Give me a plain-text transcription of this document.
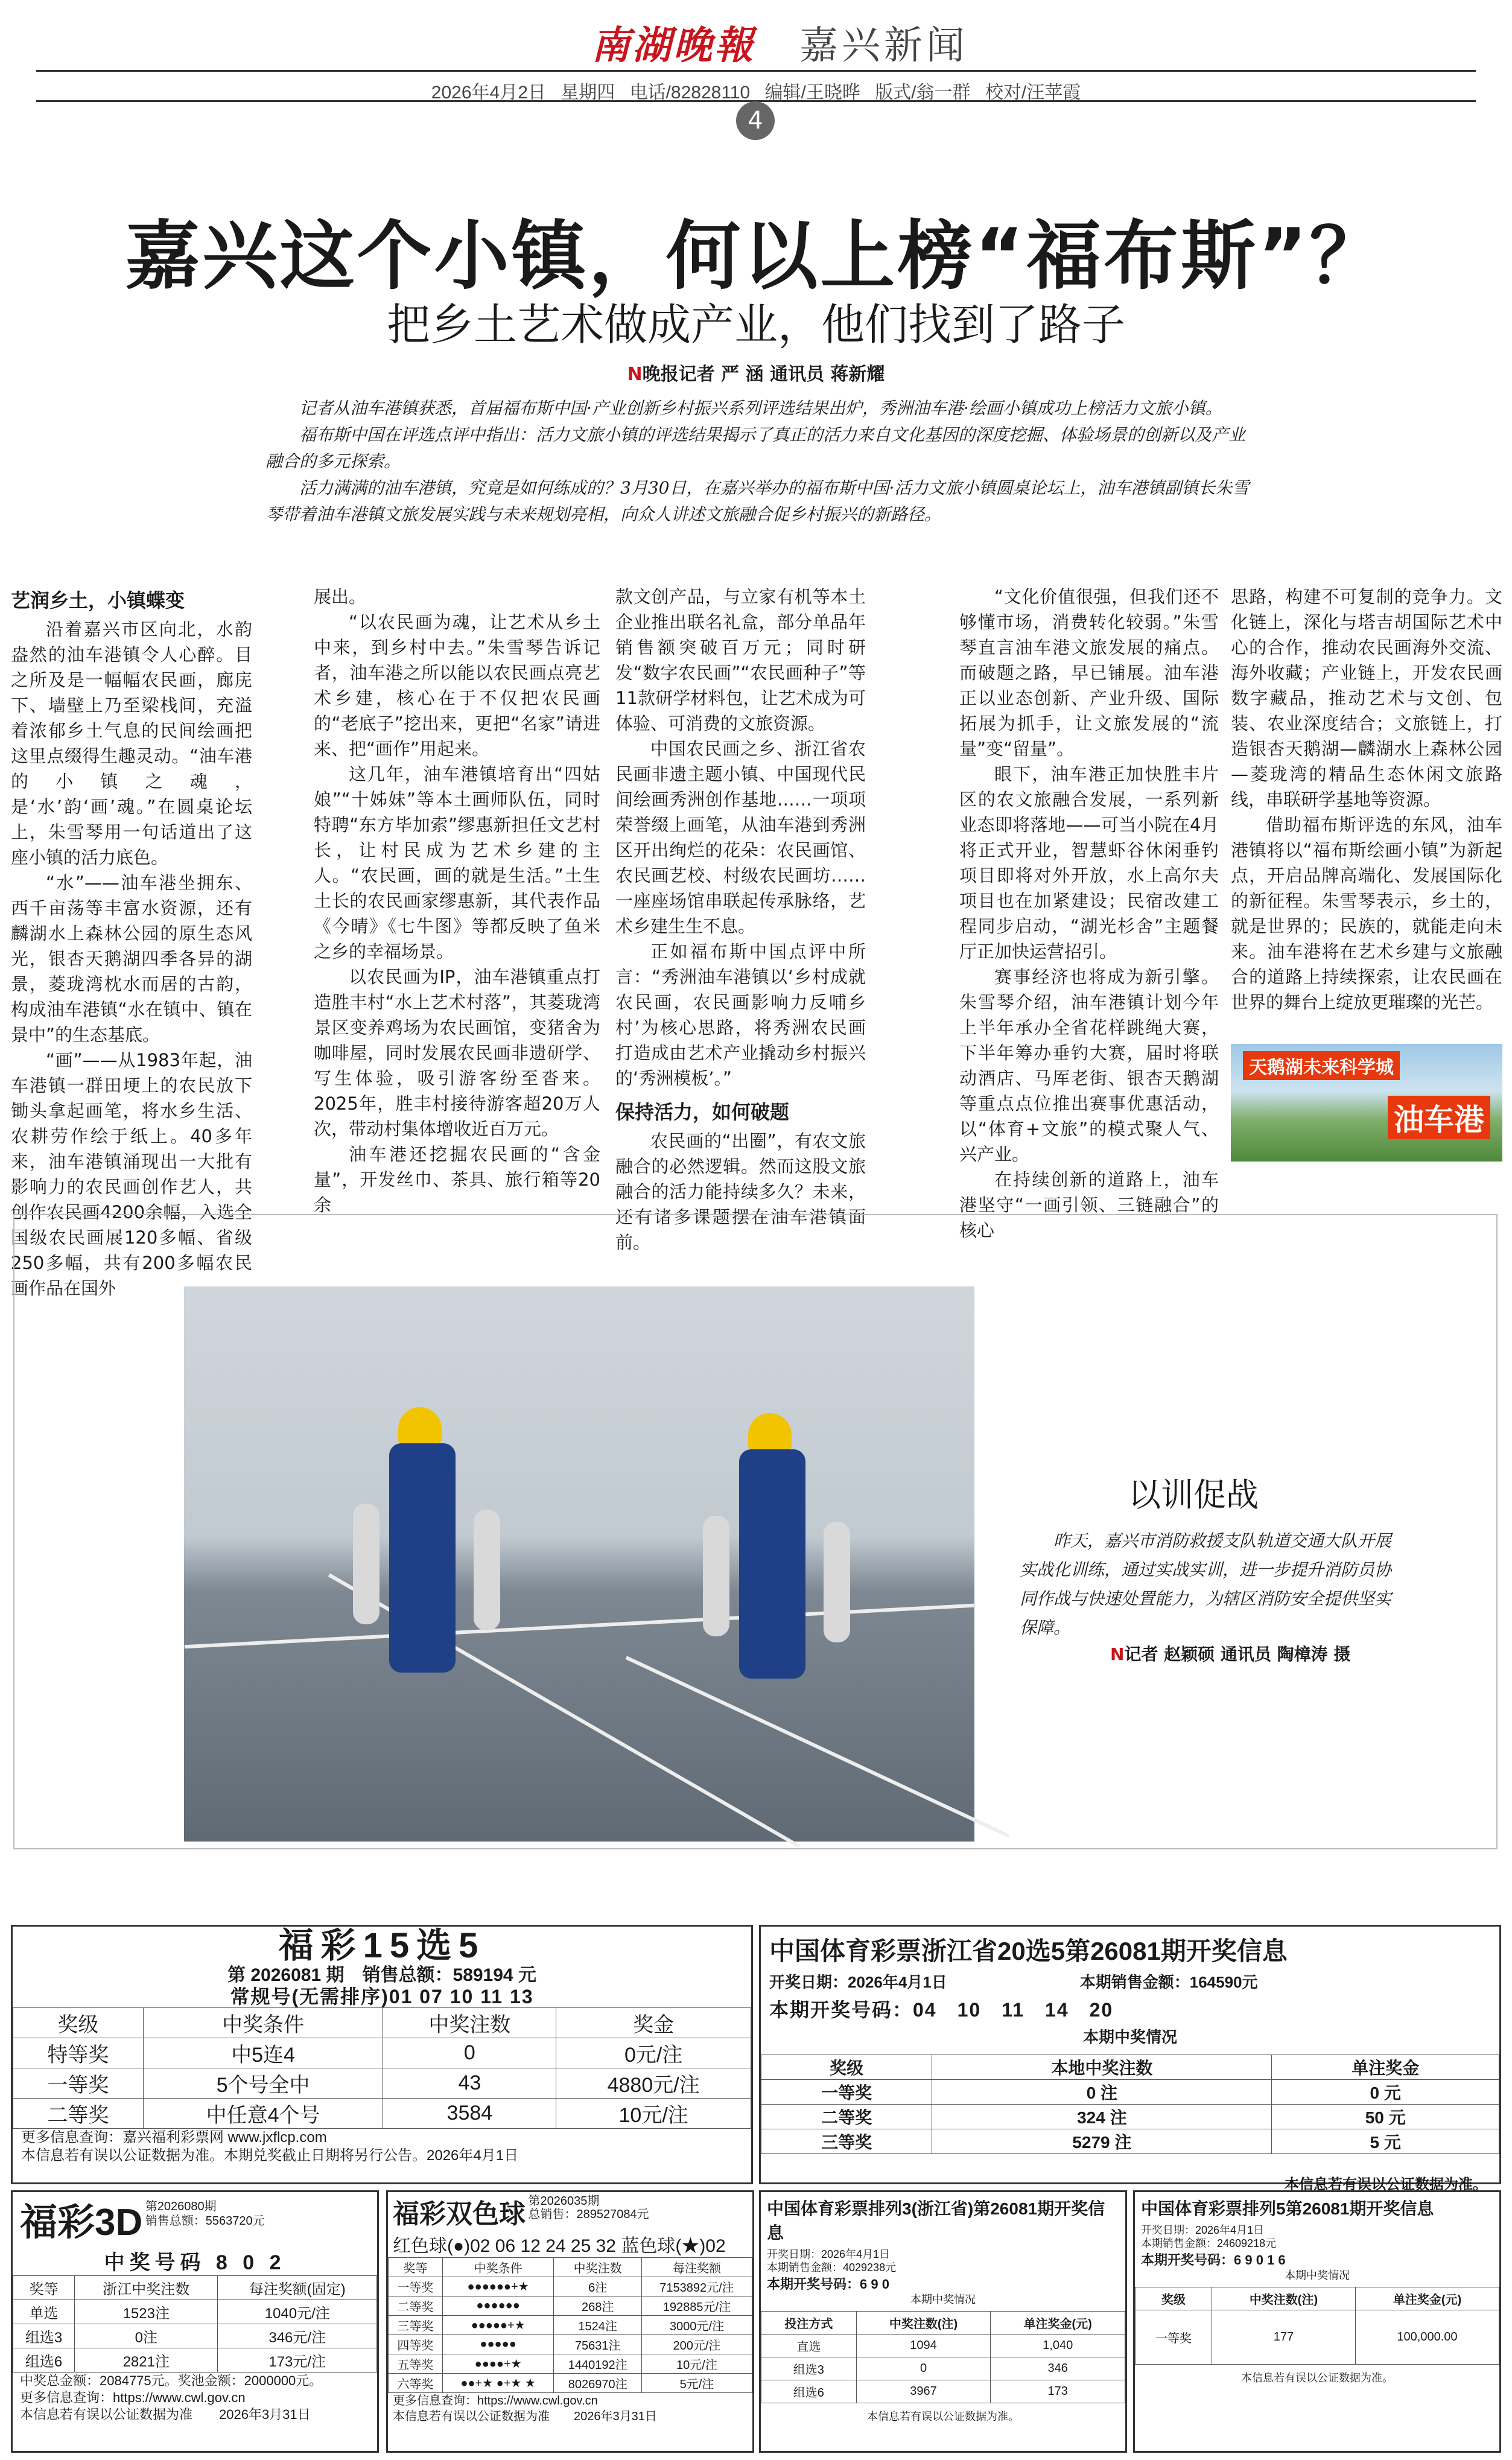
南湖晚報 嘉兴新闻
2026年4月2日 星期四 电话/82828110 编辑/王晓晔 版式/翁一群 校对/汪苹霞
4
嘉兴这个小镇，何以上榜“福布斯”？
把乡土艺术做成产业，他们找到了路子
N晚报记者 严 涵 通讯员 蒋新耀

记者从油车港镇获悉，首届福布斯中国·产业创新乡村振兴系列评选结果出炉，秀洲油车港·绘画小镇成功上榜活力文旅小镇。

福布斯中国在评选点评中指出：活力文旅小镇的评选结果揭示了真正的活力来自文化基因的深度挖掘、体验场景的创新以及产业融合的多元探索。

活力满满的油车港镇，究竟是如何练成的？3月30日，在嘉兴举办的福布斯中国·活力文旅小镇圆桌论坛上，油车港镇副镇长朱雪琴带着油车港镇文旅发展实践与未来规划亮相，向众人讲述文旅融合促乡村振兴的新路径。

艺润乡土，小镇蝶变

沿着嘉兴市区向北，水韵盎然的油车港镇令人心醉。目之所及是一幅幅农民画，廊庑下、墙壁上乃至梁栈间，充溢着浓郁乡土气息的民间绘画把这里点缀得生趣灵动。“油车港的小镇之魂，是‘水’韵‘画’魂。”在圆桌论坛上，朱雪琴用一句话道出了这座小镇的活力底色。

“水”——油车港坐拥东、西千亩荡等丰富水资源，还有麟湖水上森林公园的原生态风光，银杏天鹅湖四季各异的湖景，菱珑湾枕水而居的古韵，构成油车港镇“水在镇中、镇在景中”的生态基底。

“画”——从1983年起，油车港镇一群田埂上的农民放下锄头拿起画笔，将水乡生活、农耕劳作绘于纸上。40多年来，油车港镇涌现出一大批有影响力的农民画创作艺人，共创作农民画4200余幅，入选全国级农民画展120多幅、省级250多幅，共有200多幅农民画作品在国外

展出。

“以农民画为魂，让艺术从乡土中来，到乡村中去。”朱雪琴告诉记者，油车港之所以能以农民画点亮艺术乡建，核心在于不仅把农民画的“老底子”挖出来，更把“名家”请进来、把“画作”用起来。

这几年，油车港镇培育出“四姑娘”“十姊妹”等本土画师队伍，同时特聘“东方毕加索”缪惠新担任文艺村长，让村民成为艺术乡建的主人。“农民画，画的就是生活。”土生土长的农民画家缪惠新，其代表作品《今晴》《七牛图》等都反映了鱼米之乡的幸福场景。

以农民画为IP，油车港镇重点打造胜丰村“水上艺术村落”，其菱珑湾景区变养鸡场为农民画馆，变猪舍为咖啡屋，同时发展农民画非遗研学、写生体验，吸引游客纷至沓来。2025年，胜丰村接待游客超20万人次，带动村集体增收近百万元。

油车港还挖掘农民画的“含金量”，开发丝巾、茶具、旅行箱等20余

款文创产品，与立家有机等本土企业推出联名礼盒，部分单品年销售额突破百万元；同时研发“数字农民画”“农民画种子”等11款研学材料包，让艺术成为可体验、可消费的文旅资源。

中国农民画之乡、浙江省农民画非遗主题小镇、中国现代民间绘画秀洲创作基地……一项项荣誉缀上画笔，从油车港到秀洲区开出绚烂的花朵：农民画馆、农民画艺校、村级农民画坊……一座座场馆串联起传承脉络，艺术乡建生生不息。

正如福布斯中国点评中所言：“秀洲油车港镇以‘乡村成就农民画，农民画影响力反哺乡村’为核心思路，将秀洲农民画打造成由艺术产业撬动乡村振兴的‘秀洲模板’。”

保持活力，如何破题

农民画的“出圈”，有农文旅融合的必然逻辑。然而这股文旅融合的活力能持续多久？未来，还有诸多课题摆在油车港镇面前。

“文化价值很强，但我们还不够懂市场，消费转化较弱。”朱雪琴直言油车港文旅发展的痛点。而破题之路，早已铺展。油车港正以业态创新、产业升级、国际拓展为抓手，让文旅发展的“流量”变“留量”。

眼下，油车港正加快胜丰片区的农文旅融合发展，一系列新业态即将落地——可当小院在4月将正式开业，智慧虾谷休闲垂钓项目即将对外开放，水上高尔夫项目也在加紧建设；民宿改建工程同步启动，“湖光杉舍”主题餐厅正加快运营招引。

赛事经济也将成为新引擎。朱雪琴介绍，油车港镇计划今年上半年承办全省花样跳绳大赛，下半年筹办垂钓大赛，届时将联动酒店、马厍老街、银杏天鹅湖等重点点位推出赛事优惠活动，以“体育+文旅”的模式聚人气、兴产业。

在持续创新的道路上，油车港坚守“一画引领、三链融合”的核心

思路，构建不可复制的竞争力。文化链上，深化与塔吉胡国际艺术中心的合作，推动农民画海外交流、海外收藏；产业链上，开发农民画数字藏品，推动艺术与文创、包装、农业深度结合；文旅链上，打造银杏天鹅湖—麟湖水上森林公园—菱珑湾的精品生态休闲文旅路线，串联研学基地等资源。

借助福布斯评选的东风，油车港镇将以“福布斯绘画小镇”为新起点，开启品牌高端化、发展国际化的新征程。朱雪琴表示，乡土的，就是世界的；民族的，就能走向未来。油车港将在艺术乡建与文旅融合的道路上持续探索，让农民画在世界的舞台上绽放更璀璨的光芒。

天鹅湖未来科学城
油车港
以训促战
昨天，嘉兴市消防救援支队轨道交通大队开展实战化训练，通过实战实训，进一步提升消防员协同作战与快速处置能力，为辖区消防安全提供坚实保障。
N记者 赵颖硕 通讯员 陶樟涛 摄
福彩15选5
第 2026081 期　销售总额：589194 元
常规号(无需排序)01 07 10 11 13
奖级	中奖条件	中奖注数	奖金
特等奖	中5连4	0	0元/注
一等奖	5个号全中	43	4880元/注
二等奖	中任意4个号	3584	10元/注
更多信息查询：嘉兴福利彩票网 www.jxflcp.com
本信息若有误以公证数据为准。本期兑奖截止日期将另行公告。2026年4月1日
中国体育彩票浙江省20选5第26081期开奖信息
开奖日期：2026年4月1日	本期销售金额：164590元
本期开奖号码：04　10　11　14　20
本期中奖情况
奖级	本地中奖注数	单注奖金
一等奖	0 注	0 元
二等奖	324 注	50 元
三等奖	5279 注	5 元
本信息若有误以公证数据为准。
福彩3D 第2026080期
销售总额：5563720元
中奖号码 8 0 2
奖等	浙江中奖注数	每注奖额(固定)
单选	1523注	1040元/注
组选3	0注	346元/注
组选6	2821注	173元/注
中奖总金额：2084775元。奖池金额：2000000元。
更多信息查询：https://www.cwl.gov.cn
本信息若有误以公证数据为准　　2026年3月31日
福彩双色球 第2026035期
总销售：289527084元
红色球(●)02 06 12 24 25 32 蓝色球(★)02
奖等	中奖条件	中奖注数	每注奖额
一等奖	●●●●●●+★	6注	7153892元/注
二等奖	●●●●●●	268注	192885元/注
三等奖	●●●●●+★	1524注	3000元/注
四等奖	●●●●●	75631注	200元/注
五等奖	●●●●+★	1440192注	10元/注
六等奖	●●+★ ●+★ ★	8026970注	5元/注
更多信息查询：https://www.cwl.gov.cn
本信息若有误以公证数据为准　　2026年3月31日
中国体育彩票排列3(浙江省)第26081期开奖信息
开奖日期：2026年4月1日
本期销售金额：4029238元
本期开奖号码：6 9 0
本期中奖情况
投注方式	中奖注数(注)	单注奖金(元)
直选	1094	1,040
组选3	0	346
组选6	3967	173
本信息若有误以公证数据为准。
中国体育彩票排列5第26081期开奖信息
开奖日期：2026年4月1日
本期销售金额：24609218元
本期开奖号码：6 9 0 1 6
本期中奖情况
奖级	中奖注数(注)	单注奖金(元)
一等奖	177	100,000.00
本信息若有误以公证数据为准。
